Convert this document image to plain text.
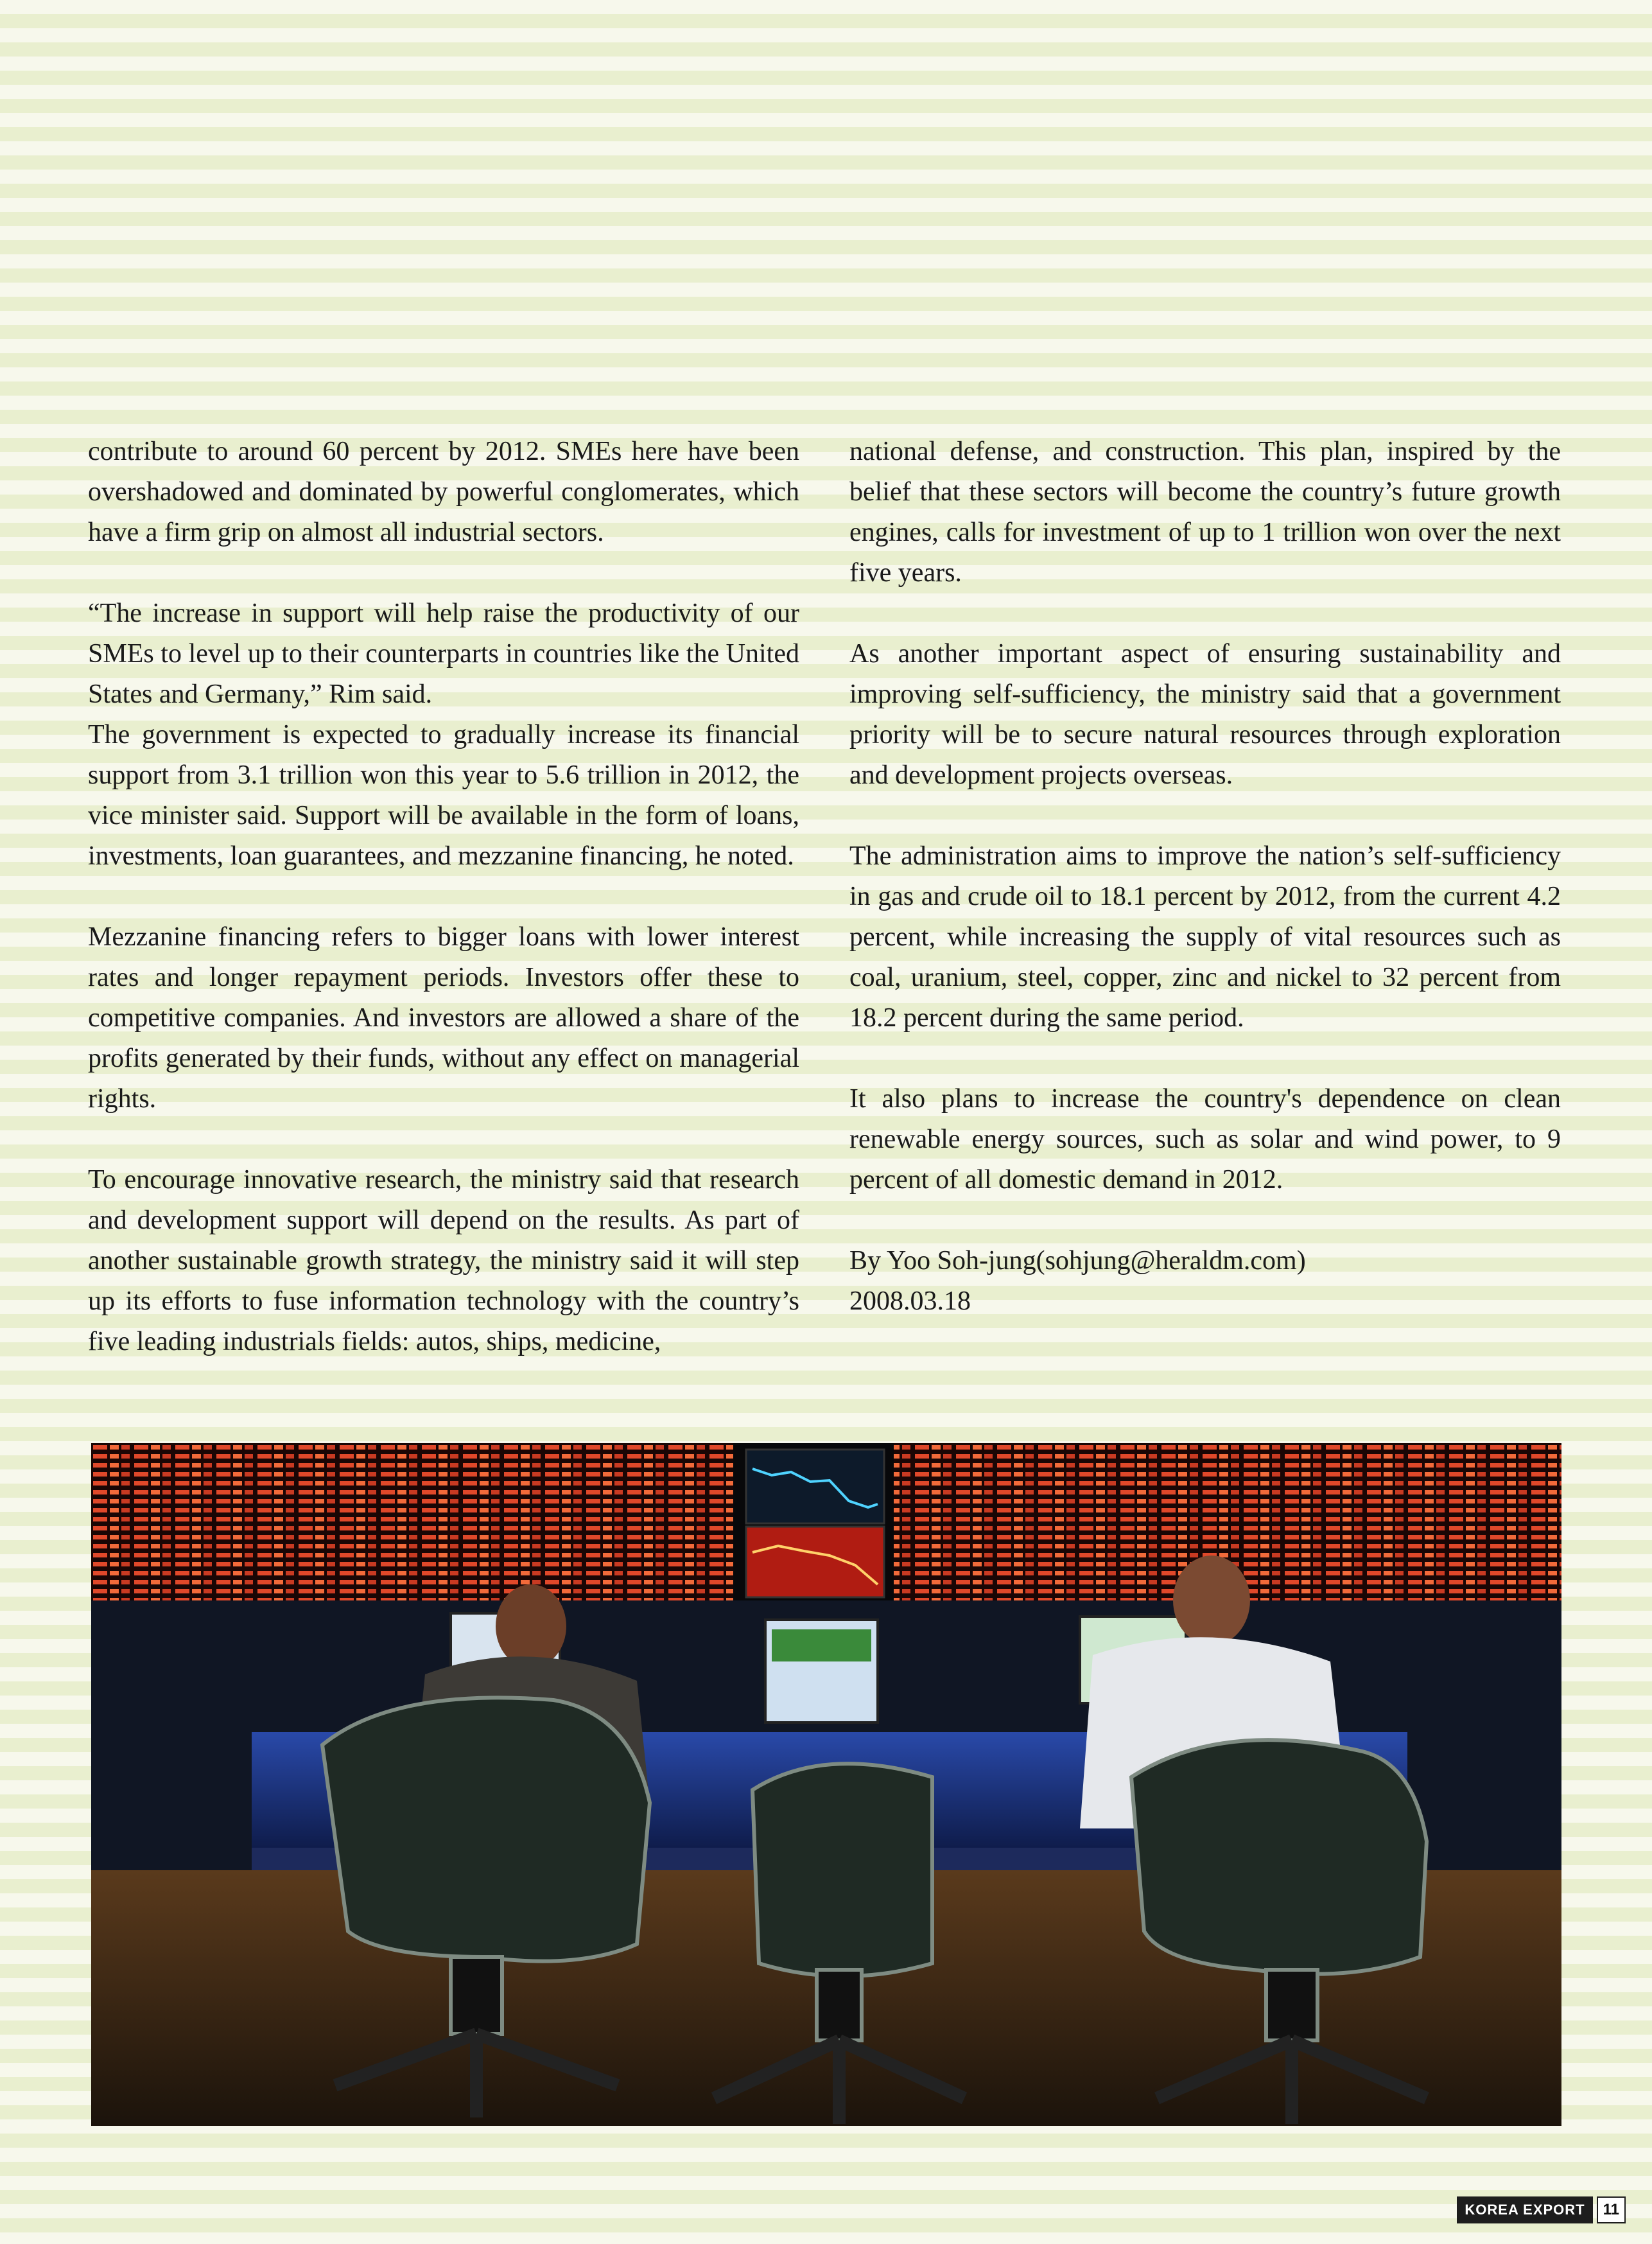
contribute to around 60 percent by 2012. SMEs here have been overshadowed and dominated by powerful conglomerates, which have a firm grip on almost all industrial sectors.

“The increase in support will help raise the productivity of our SMEs to level up to their counterparts in countries like the United States and Germany,” Rim said.

The government is expected to gradually increase its financial support from 3.1 trillion won this year to 5.6 trillion in 2012, the vice minister said. Support will be available in the form of loans, investments, loan guarantees, and mezzanine financing, he noted.

Mezzanine financing refers to bigger loans with lower interest rates and longer repayment periods. Investors offer these to competitive companies. And investors are allowed a share of the profits generated by their funds, without any effect on managerial rights.

To encourage innovative research, the ministry said that research and development support will depend on the results. As part of another sustainable growth strategy, the ministry said it will step up its efforts to fuse information technology with the country’s five leading industrials fields: autos, ships, medicine,

national defense, and construction. This plan, inspired by the belief that these sectors will become the country’s future growth engines, calls for investment of up to 1 trillion won over the next five years.

As another important aspect of ensuring sustainability and improving self-sufficiency, the ministry said that a government priority will be to secure natural resources through exploration and development projects overseas.

The administration aims to improve the nation’s self-sufficiency in gas and crude oil to 18.1 percent by 2012, from the current 4.2 percent, while increasing the supply of vital resources such as coal, uranium, steel, copper, zinc and nickel to 32 percent from 18.2 percent during the same period.

It also plans to increase the country's dependence on clean renewable energy sources, such as solar and wind power, to 9 percent of all domestic demand in 2012.

By Yoo Soh-jung(sohjung@heraldm.com)

2008.03.18

KOREA EXPORT	11
